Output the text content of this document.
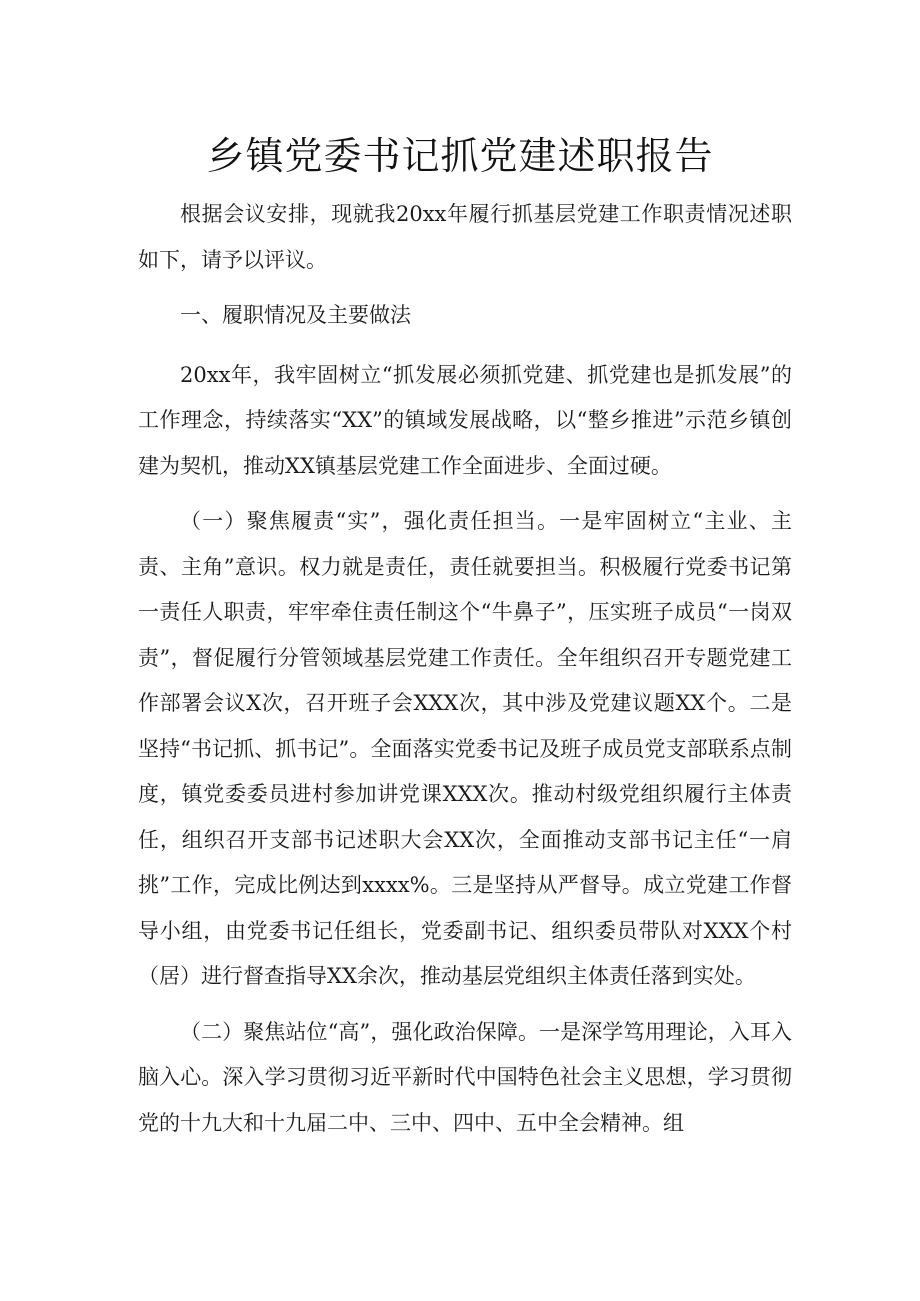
乡镇党委书记抓党建述职报告

根据会议安排，现就我20xx年履行抓基层党建工作职责情况述职如下，请予以评议。

一、履职情况及主要做法

20xx年，我牢固树立“抓发展必须抓党建、抓党建也是抓发展”的工作理念，持续落实“XX”的镇域发展战略，以“整乡推进”示范乡镇创建为契机，推动XX镇基层党建工作全面进步、全面过硬。

（一）聚焦履责“实”，强化责任担当。一是牢固树立“主业、主责、主角”意识。权力就是责任，责任就要担当。积极履行党委书记第一责任人职责，牢牢牵住责任制这个“牛鼻子”，压实班子成员“一岗双责”，督促履行分管领域基层党建工作责任。全年组织召开专题党建工作部署会议X次，召开班子会XXX次，其中涉及党建议题XX个。二是坚持“书记抓、抓书记”。全面落实党委书记及班子成员党支部联系点制度，镇党委委员进村参加讲党课XXX次。推动村级党组织履行主体责任，组织召开支部书记述职大会XX次，全面推动支部书记主任“一肩挑”工作，完成比例达到xxxx%。三是坚持从严督导。成立党建工作督导小组，由党委书记任组长，党委副书记、组织委员带队对XXX个村（居）进行督查指导XX余次，推动基层党组织主体责任落到实处。

（二）聚焦站位“高”，强化政治保障。一是深学笃用理论，入耳入脑入心。深入学习贯彻习近平新时代中国特色社会主义思想，学习贯彻党的十九大和十九届二中、三中、四中、五中全会精神。组
